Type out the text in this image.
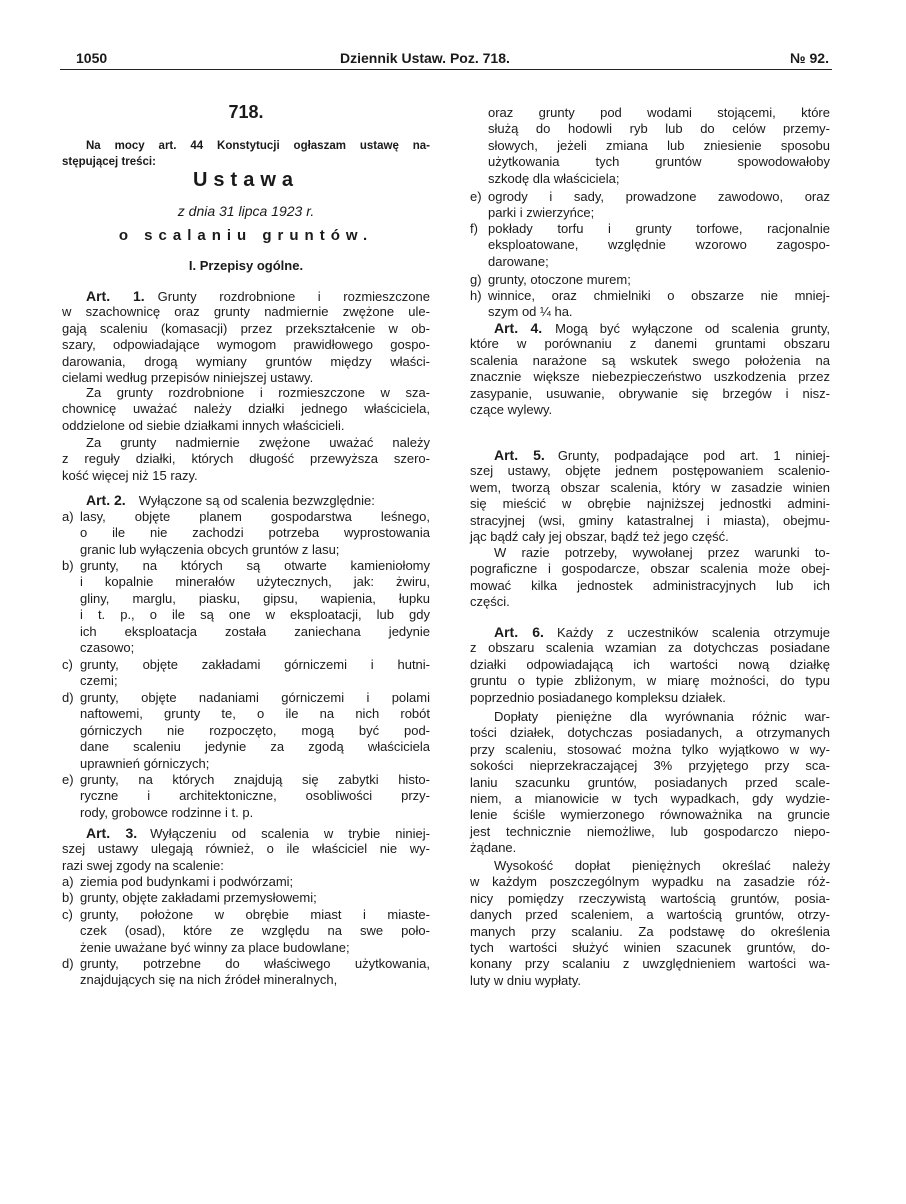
1050	Dziennik Ustaw. Poz. 718.	№ 92.
718.
Na mocy art. 44 Konstytucji ogłaszam ustawę na-
stępującej treści:
Ustawa
z dnia 31 lipca 1923 r.
o scalaniu gruntów.
I. Przepisy ogólne.
Art. 1.   Grunty rozdrobnione i rozmieszczone
w szachownicę oraz grunty nadmiernie zwężone ule-
gają scaleniu (komasacji) przez przekształcenie w ob-
szary, odpowiadające wymogom prawidłowego gospo-
darowania, drogą wymiany gruntów między właści-
cielami według przepisów niniejszej ustawy.
Za grunty rozdrobnione i rozmieszczone w sza-
chownicę uważać należy działki jednego właściciela,
oddzielone od siebie działkami innych właścicieli.
Za grunty nadmiernie zwężone uważać należy
z reguły działki, których długość przewyższa szero-
kość więcej niż 15 razy.
Art. 2.   Wyłączone są od scalenia bezwzględnie:
a) lasy, objęte planem gospodarstwa leśnego,
o ile nie zachodzi potrzeba wyprostowania
granic lub wyłączenia obcych gruntów z lasu;
b) grunty, na których są otwarte kamieniołomy
i kopalnie minerałów użytecznych, jak: żwiru,
gliny, marglu, piasku, gipsu, wapienia, łupku
i t. p., o ile są one w eksploatacji, lub gdy
ich eksploatacja została zaniechana jedynie
czasowo;
c) grunty, objęte zakładami górniczemi i hutni-
czemi;
d) grunty, objęte nadaniami górniczemi i polami
naftowemi, grunty te, o ile na nich robót
górniczych nie rozpoczęto, mogą być pod-
dane scaleniu jedynie za zgodą właściciela
uprawnień górniczych;
e) grunty, na których znajdują się zabytki histo-
ryczne i architektoniczne, osobliwości przy-
rody, grobowce rodzinne i t. p.
Art. 3.   Wyłączeniu od scalenia w trybie niniej-
szej ustawy ulegają również, o ile właściciel nie wy-
razi swej zgody na scalenie:
a) ziemia pod budynkami i podwórzami;
b) grunty, objęte zakładami przemysłowemi;
c) grunty, położone w obrębie miast i miaste-
czek (osad), które ze względu na swe poło-
żenie uważane być winny za place budowlane;
d) grunty, potrzebne do właściwego użytkowania,
znajdujących się na nich źródeł mineralnych,
oraz grunty pod wodami stojącemi, które
służą do hodowli ryb lub do celów przemy-
słowych, jeżeli zmiana lub zniesienie sposobu
użytkowania tych gruntów spowodowałoby
szkodę dla właściciela;
e) ogrody i sady, prowadzone zawodowo, oraz
parki i zwierzyńce;
f) pokłady torfu i grunty torfowe, racjonalnie
eksploatowane, względnie wzorowo zagospo-
darowane;
g) grunty, otoczone murem;
h) winnice, oraz chmielniki o obszarze nie mniej-
szym od ¼ ha.
Art. 4.   Mogą być wyłączone od scalenia grunty,
które w porównaniu z danemi gruntami obszaru
scalenia narażone są wskutek swego położenia na
znacznie większe niebezpieczeństwo uszkodzenia przez
zasypanie, usuwanie, obrywanie się brzegów i nisz-
czące wylewy.
Art. 5.   Grunty, podpadające pod art. 1 niniej-
szej ustawy, objęte jednem postępowaniem scalenio-
wem, tworzą obszar scalenia, który w zasadzie winien
się mieścić w obrębie najniższej jednostki admini-
stracyjnej (wsi, gminy katastralnej i miasta), obejmu-
jąc bądź cały jej obszar, bądź też jego część.
W razie potrzeby, wywołanej przez warunki to-
pograficzne i gospodarcze, obszar scalenia może obej-
mować kilka jednostek administracyjnych lub ich
części.
Art. 6.   Każdy z uczestników scalenia otrzymuje
z obszaru scalenia wzamian za dotychczas posiadane
działki odpowiadającą ich wartości nową działkę
gruntu o typie zbliżonym, w miarę możności, do typu
poprzednio posiadanego kompleksu działek.
Dopłaty pieniężne dla wyrównania różnic war-
tości działek, dotychczas posiadanych, a otrzymanych
przy scaleniu, stosować można tylko wyjątkowo w wy-
sokości nieprzekraczającej 3% przyjętego przy sca-
laniu szacunku gruntów, posiadanych przed scale-
niem, a mianowicie w tych wypadkach, gdy wydzie-
lenie ściśle wymierzonego równoważnika na gruncie
jest technicznie niemożliwe, lub gospodarczo niepo-
żądane.
Wysokość dopłat pieniężnych określać należy
w każdym poszczególnym wypadku na zasadzie róż-
nicy pomiędzy rzeczywistą wartością gruntów, posia-
danych przed scaleniem, a wartością gruntów, otrzy-
manych przy scalaniu. Za podstawę do określenia
tych wartości służyć winien szacunek gruntów, do-
konany przy scalaniu z uwzględnieniem wartości wa-
luty w dniu wypłaty.
